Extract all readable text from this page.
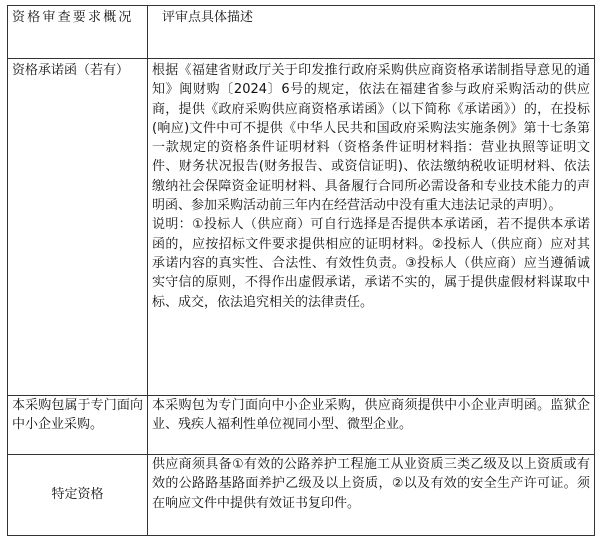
资格审查要求概况	评审点具体描述
资格承诺函（若有）	根据《福建省财政厅关于印发推行政府采购供应商资格承诺制指导意见的通知》闽财购〔2024〕6号的规定，依法在福建省参与政府采购活动的供应商，提供《政府采购供应商资格承诺函》（以下简称《承诺函》）的，在投标(响应)文件中可不提供《中华人民共和国政府采购法实施条例》第十七条第一款规定的资格条件证明材料（资格条件证明材料指：营业执照等证明文件、财务状况报告(财务报告、或资信证明)、依法缴纳税收证明材料、依法缴纳社会保障资金证明材料、具备履行合同所必需设备和专业技术能力的声明函、参加采购活动前三年内在经营活动中没有重大违法记录的声明）。
说明：①投标人（供应商）可自行选择是否提供本承诺函，若不提供本承诺函的，应按招标文件要求提供相应的证明材料。②投标人（供应商）应对其承诺内容的真实性、合法性、有效性负责。③投标人（供应商）应当遵循诚实守信的原则，不得作出虚假承诺，承诺不实的，属于提供虚假材料谋取中标、成交，依法追究相关的法律责任。

本采购包属于专门面向中小企业采购。	本采购包为专门面向中小企业采购，供应商须提供中小企业声明函。监狱企业、残疾人福利性单位视同小型、微型企业。
特定资格	供应商须具备①有效的公路养护工程施工从业资质三类乙级及以上资质或有效的公路路基路面养护乙级及以上资质，②以及有效的安全生产许可证。须在响应文件中提供有效证书复印件。
